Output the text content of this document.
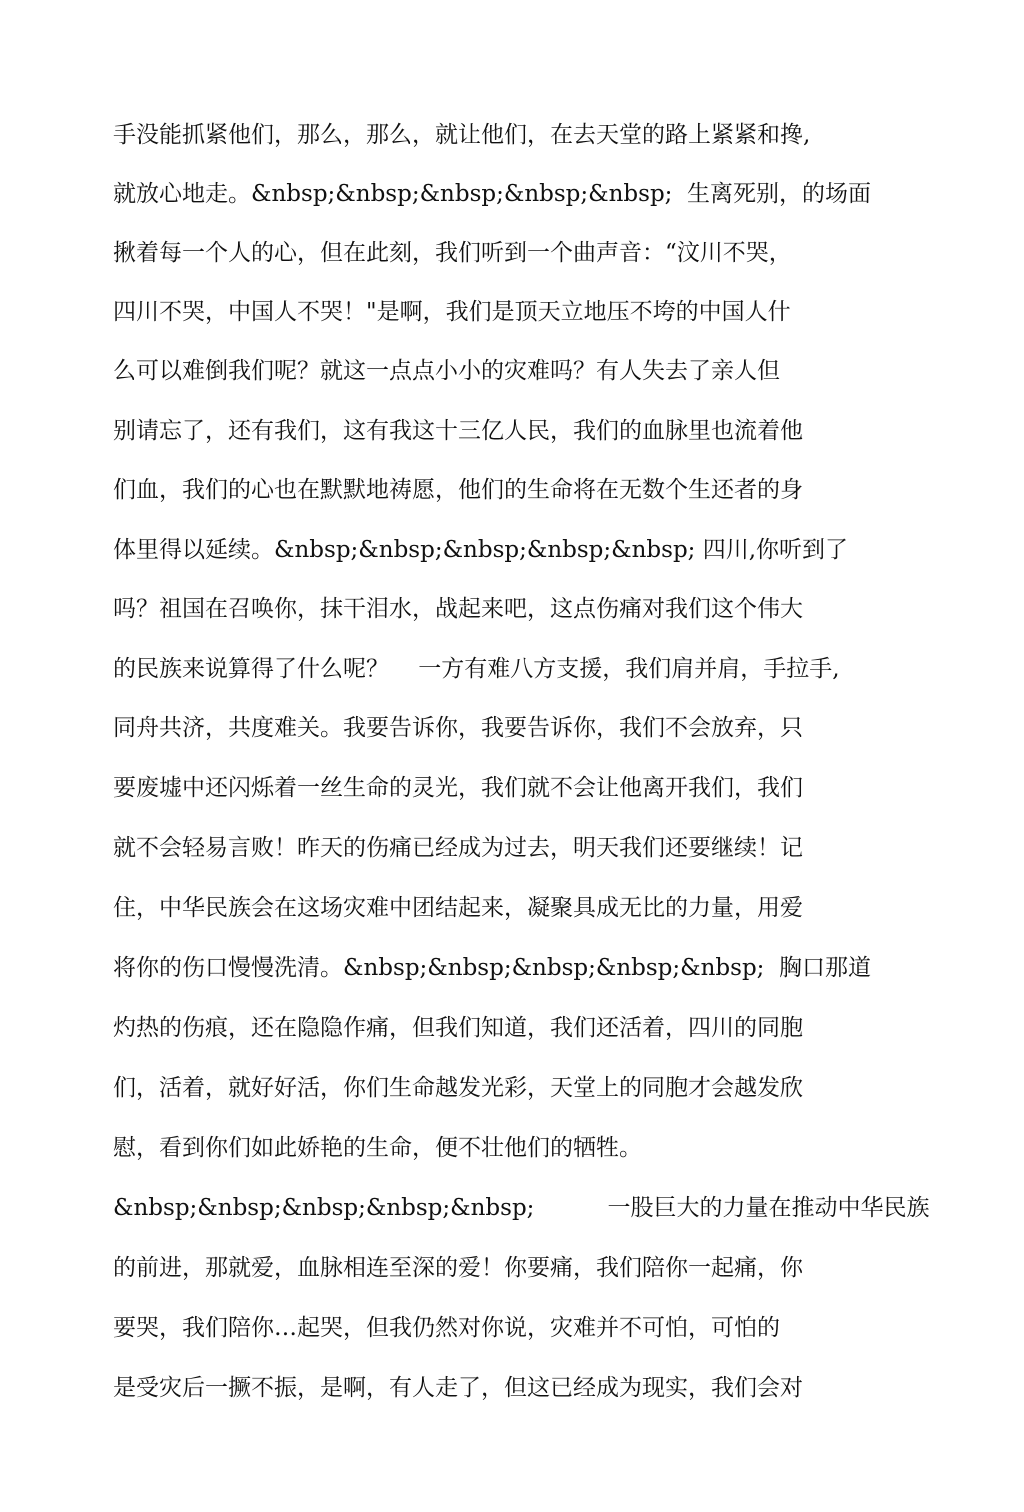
手没能抓紧他们，那么，那么，就让他们，在去天堂的路上紧紧和搀,

就放心地走。&nbsp;&nbsp;&nbsp;&nbsp;&nbsp;  生离死别，的场面

揪着每一个人的心，但在此刻，我们听到一个曲声音：“汶川不哭，

四川不哭，中国人不哭！"是啊，我们是顶天立地压不垮的中国人什

么可以难倒我们呢？就这一点点小小的灾难吗？有人失去了亲人但

别请忘了，还有我们，这有我这十三亿人民，我们的血脉里也流着他

们血，我们的心也在默默地祷愿，他们的生命将在无数个生还者的身

体里得以延续。&nbsp;&nbsp;&nbsp;&nbsp;&nbsp; 四川,你听到了

吗？祖国在召唤你，抹干泪水，战起来吧，这点伤痛对我们这个伟大

的民族来说算得了什么呢？    一方有难八方支援，我们肩并肩，手拉手,

同舟共济，共度难关。我要告诉你，我要告诉你，我们不会放弃，只

要废墟中还闪烁着一丝生命的灵光，我们就不会让他离开我们，我们

就不会轻易言败！昨天的伤痛已经成为过去，明天我们还要继续！记

住，中华民族会在这场灾难中团结起来，凝聚具成无比的力量，用爱

将你的伤口慢慢洗清。&nbsp;&nbsp;&nbsp;&nbsp;&nbsp;  胸口那道

灼热的伤痕，还在隐隐作痛，但我们知道，我们还活着，四川的同胞

们，活着，就好好活，你们生命越发光彩，天堂上的同胞才会越发欣

慰，看到你们如此娇艳的生命，便不壮他们的牺牲。

&nbsp;&nbsp;&nbsp;&nbsp;&nbsp;          一股巨大的力量在推动中华民族

的前进，那就爱，血脉相连至深的爱！你要痛，我们陪你一起痛，你

要哭，我们陪你…起哭，但我仍然对你说，灾难并不可怕，可怕的

是受灾后一撅不振，是啊，有人走了，但这已经成为现实，我们会对
